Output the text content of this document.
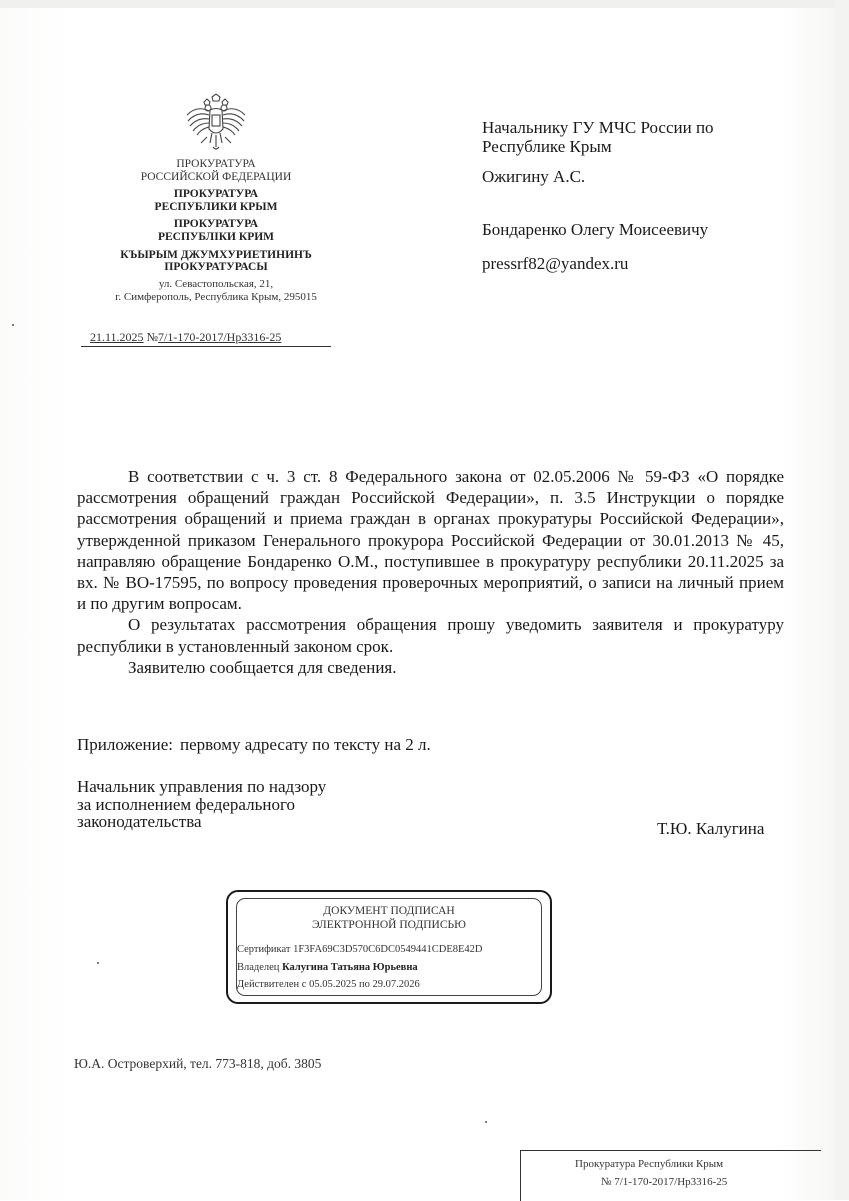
ПРОКУРАТУРА
РОССИЙСКОЙ ФЕДЕРАЦИИ
ПРОКУРАТУРА
РЕСПУБЛИКИ КРЫМ
ПРОКУРАТУРА
РЕСПУБЛІКИ КРИМ
КЪЫРЫМ ДЖУМХУРИЕТИНИНЪ
ПРОКУРАТУРАСЫ
ул. Севастопольская, 21,
г. Симферополь, Республика Крым, 295015
21.11.2025 №7/1-170-2017/Нр3316-25
Начальнику ГУ МЧС России по
Республике Крым
Ожигину А.С.
Бондаренко Олегу Моисеевичу
pressrf82@yandex.ru

В соответствии с ч. 3 ст. 8 Федерального закона от 02.05.2006 № 59-ФЗ «О порядке рассмотрения обращений граждан Российской Федерации», п. 3.5 Инструкции о порядке рассмотрения обращений и приема граждан в органах прокуратуры Российской Федерации», утвержденной приказом Генерального прокурора Российской Федерации от 30.01.2013 № 45, направляю обращение Бондаренко О.М., поступившее в прокуратуру республики 20.11.2025 за вх. № ВО-17595, по вопросу проведения проверочных мероприятий, о записи на личный прием и по другим вопросам.

О результатах рассмотрения обращения прошу уведомить заявителя и прокуратуру республики в установленный законом срок.

Заявителю сообщается для сведения.

Приложение: первому адресату по тексту на 2 л.
Начальник управления по надзору
за исполнением федерального
законодательства	Т.Ю. Калугина
ДОКУМЕНТ ПОДПИСАН
ЭЛЕКТРОННОЙ ПОДПИСЬЮ
Сертификат 1F3FA69C3D570C6DC0549441CDE8E42D
Владелец Калугина Татьяна Юрьевна
Действителен с 05.05.2025 по 29.07.2026
Ю.А. Островерхий, тел. 773-818, доб. 3805
Прокуратура Республики Крым
№ 7/1-170-2017/Нр3316-25
